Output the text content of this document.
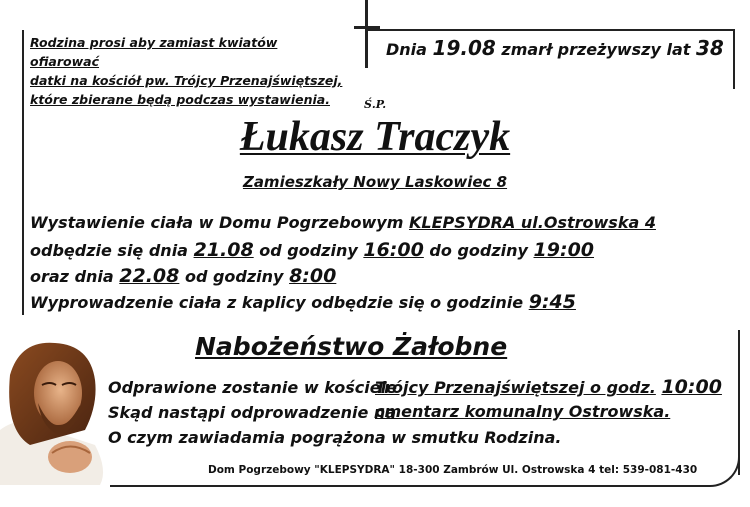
Rodzina prosi aby zamiast kwiatów ofiarować
datki na kościół pw. Trójcy Przenajświętszej,
które zbierane będą podczas wystawienia.
Dnia 19.08 zmarł przeżywszy lat 38
Ś.P.
Łukasz Traczyk
Zamieszkały Nowy Laskowiec 8
Wystawienie ciała w Domu Pogrzebowym KLEPSYDRA ul.Ostrowska 4
odbędzie się dnia 21.08 od godziny 16:00 do godziny 19:00
oraz dnia 22.08 od godziny 8:00
Wyprowadzenie ciała z kaplicy odbędzie się o godzinie 9:45
Nabożeństwo Żałobne
Odprawione zostanie w kościele
Trójcy Przenajświętszej o godz. 10:00
Skąd nastąpi odprowadzenie na
cmentarz komunalny Ostrowska.
O czym zawiadamia pogrążona w smutku Rodzina.
Dom Pogrzebowy "KLEPSYDRA" 18-300 Zambrów Ul. Ostrowska 4 tel: 539-081-430
